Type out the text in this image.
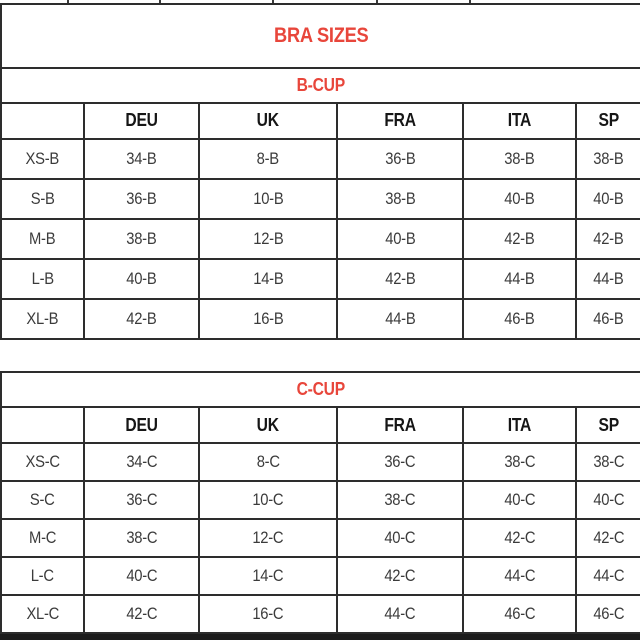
BRA SIZES					
B-CUP					
	DEU	UK	FRA	ITA	SP
XS-B	34-B	8-B	36-B	38-B	38-B
S-B	36-B	10-B	38-B	40-B	40-B
M-B	38-B	12-B	40-B	42-B	42-B
L-B	40-B	14-B	42-B	44-B	44-B
XL-B	42-B	16-B	44-B	46-B	46-B
C-CUP					
	DEU	UK	FRA	ITA	SP
XS-C	34-C	8-C	36-C	38-C	38-C
S-C	36-C	10-C	38-C	40-C	40-C
M-C	38-C	12-C	40-C	42-C	42-C
L-C	40-C	14-C	42-C	44-C	44-C
XL-C	42-C	16-C	44-C	46-C	46-C
